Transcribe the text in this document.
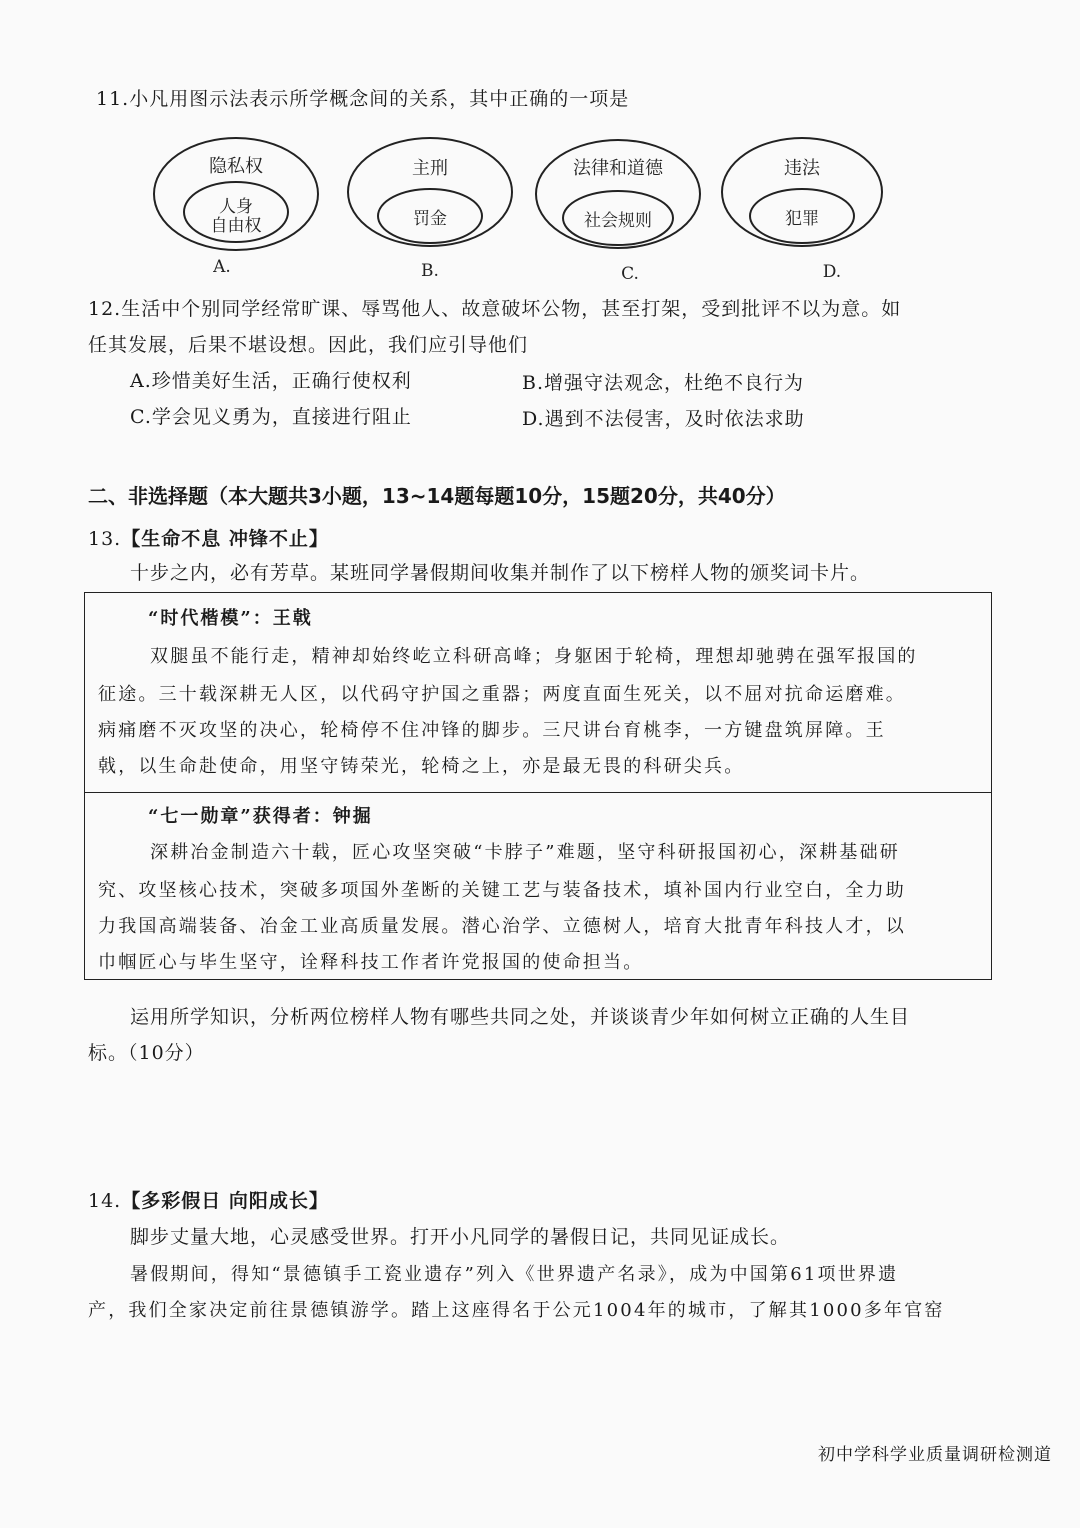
11.小凡用图示法表示所学概念间的关系，其中正确的一项是
隐私权
人身
自由权
A.
主刑
罚金
B.
法律和道德
社会规则
C.
违法
犯罪
D.
12.生活中个别同学经常旷课、辱骂他人、故意破坏公物，甚至打架，受到批评不以为意。如
任其发展，后果不堪设想。因此，我们应引导他们
A.珍惜美好生活，正确行使权利	B.增强守法观念，杜绝不良行为
C.学会见义勇为，直接进行阻止	D.遇到不法侵害，及时依法求助
二、非选择题（本大题共3小题，13~14题每题10分，15题20分，共40分）
13.【生命不息 冲锋不止】
十步之内，必有芳草。某班同学暑假期间收集并制作了以下榜样人物的颁奖词卡片。
“时代楷模”：王戟
双腿虽不能行走，精神却始终屹立科研高峰；身躯困于轮椅，理想却驰骋在强军报国的
征途。三十载深耕无人区，以代码守护国之重器；两度直面生死关，以不屈对抗命运磨难。
病痛磨不灭攻坚的决心，轮椅停不住冲锋的脚步。三尺讲台育桃李，一方键盘筑屏障。王
戟，以生命赴使命，用坚守铸荣光，轮椅之上，亦是最无畏的科研尖兵。
“七一勋章”获得者：钟掘
深耕冶金制造六十载，匠心攻坚突破“卡脖子”难题，坚守科研报国初心，深耕基础研
究、攻坚核心技术，突破多项国外垄断的关键工艺与装备技术，填补国内行业空白，全力助
力我国高端装备、冶金工业高质量发展。潜心治学、立德树人，培育大批青年科技人才，以
巾帼匠心与毕生坚守，诠释科技工作者许党报国的使命担当。
运用所学知识，分析两位榜样人物有哪些共同之处，并谈谈青少年如何树立正确的人生目
标。（10分）
14.【多彩假日 向阳成长】
脚步丈量大地，心灵感受世界。打开小凡同学的暑假日记，共同见证成长。
暑假期间，得知“景德镇手工瓷业遗存”列入《世界遗产名录》，成为中国第61项世界遗
产，我们全家决定前往景德镇游学。踏上这座得名于公元1004年的城市，了解其1000多年官窑
初中学科学业质量调研检测道
